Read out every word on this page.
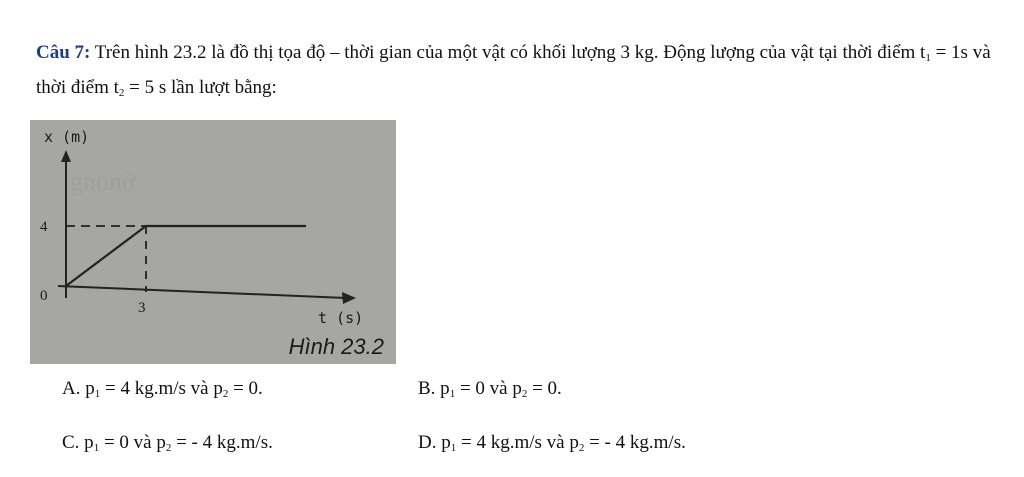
Câu 7: Trên hình 23.2 là đồ thị tọa độ – thời gian của một vật có khối lượng 3 kg. Động lượng của vật tại thời điểm $t_1 = 1s$ và thời điểm $t_2 = 5$ s lần lượt bằng:
gnonờ
x (m)
4
0
3
t (s)
Hình 23.2
A. $p_1 = 4$ kg.m/s và $p_2 = 0$.	B. $p_1 = 0$ và $p_2 = 0$.
C. $p_1 = 0$ và $p_2$ = - 4 kg.m/s.	D. $p_1 = 4$ kg.m/s và $p_2$ = - 4 kg.m/s.
